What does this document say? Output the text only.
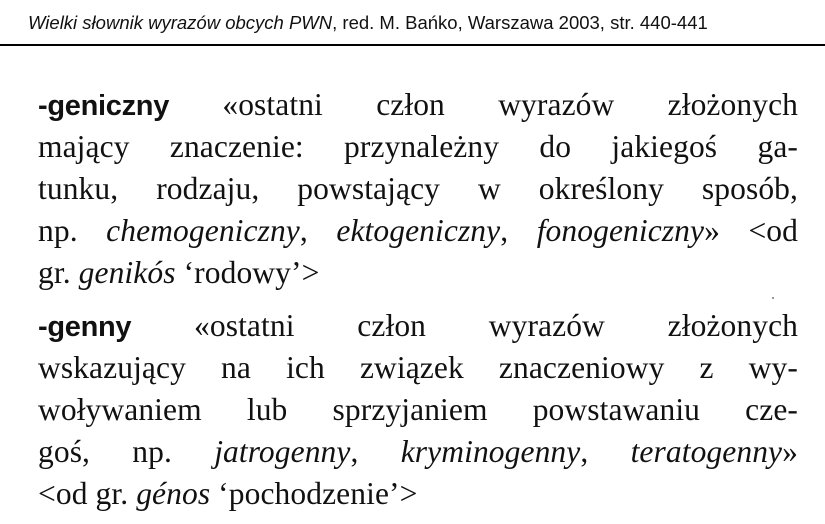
Wielki słownik wyrazów obcych PWN, red. M. Bańko, Warszawa 2003, str. 440-441
-geniczny «ostatni człon wyrazów złożonych
mający znaczenie: przynależny do jakiegoś ga-
tunku, rodzaju, powstający w określony sposób,
np. chemogeniczny, ektogeniczny, fonogeniczny» <od
gr. genikós ‘rodowy’>
-genny «ostatni człon wyrazów złożonych
wskazujący na ich związek znaczeniowy z wy-
woływaniem lub sprzyjaniem powstawaniu cze-
goś, np. jatrogenny, kryminogenny, teratogenny»
<od gr. génos ‘pochodzenie’>
